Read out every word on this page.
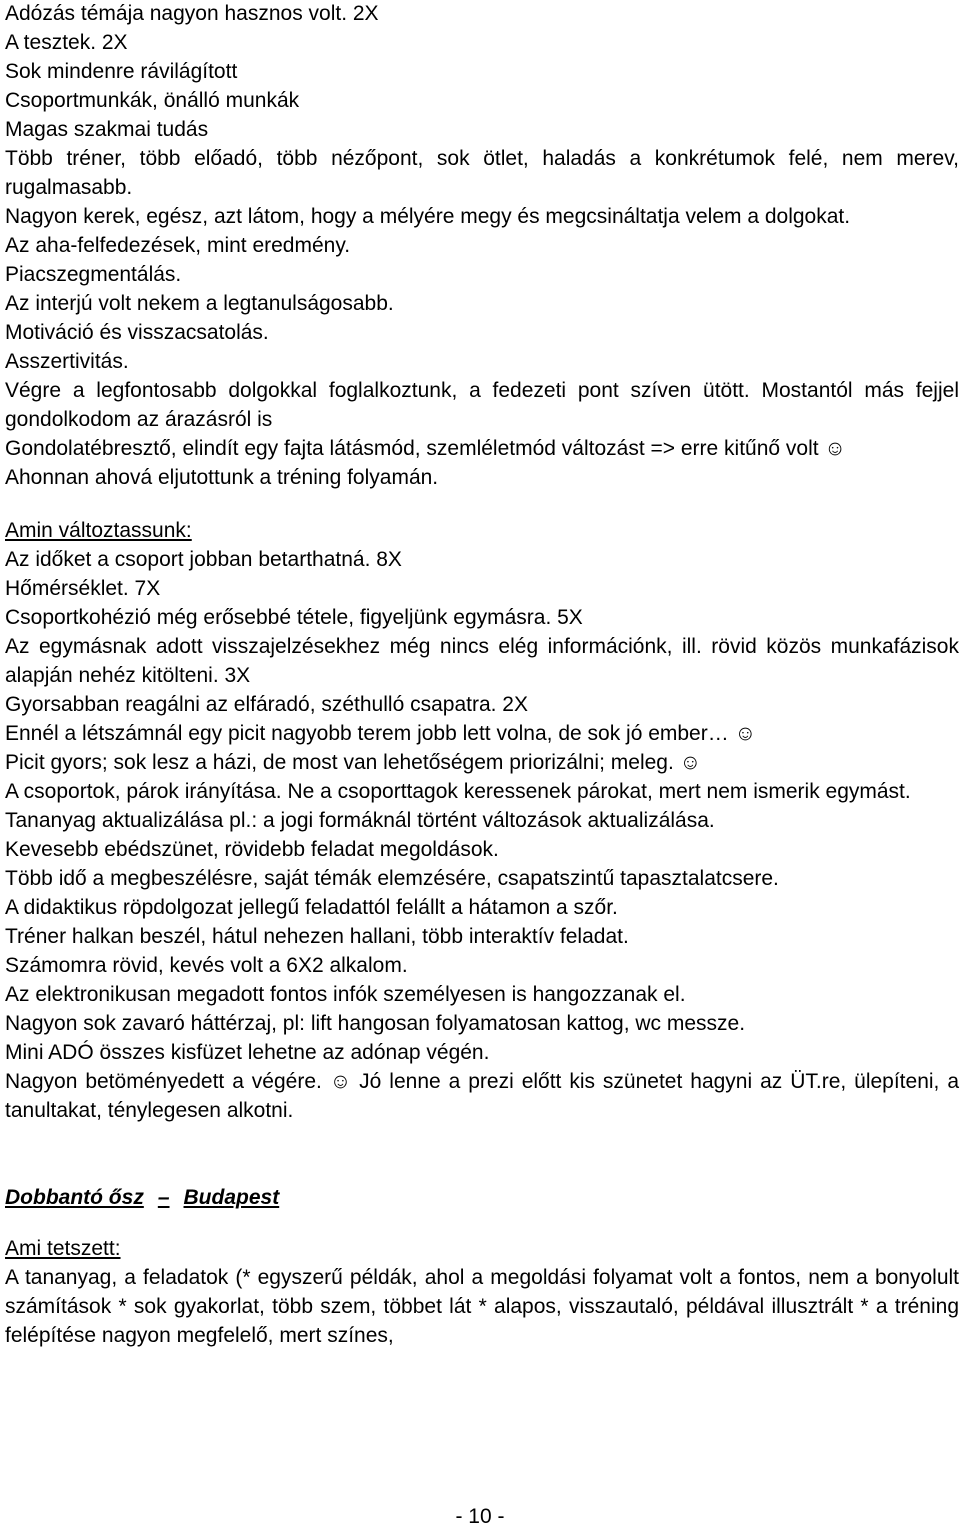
Adózás témája nagyon hasznos volt. 2X

A tesztek. 2X

Sok mindenre rávilágított

Csoportmunkák, önálló munkák

Magas szakmai tudás

Több tréner, több előadó, több nézőpont, sok ötlet, haladás a konkrétumok felé, nem merev, rugalmasabb.

Nagyon kerek, egész, azt látom, hogy a mélyére megy és megcsináltatja velem a dolgokat.

Az aha-felfedezések, mint eredmény.

Piacszegmentálás.

Az interjú volt nekem a legtanulságosabb.

Motiváció és visszacsatolás.

Asszertivitás.

Végre a legfontosabb dolgokkal foglalkoztunk, a fedezeti pont szíven ütött. Mostantól más fejjel gondolkodom az árazásról is

Gondolatébresztő, elindít egy fajta látásmód, szemléletmód változást => erre kitűnő volt ☺

Ahonnan ahová eljutottunk a tréning folyamán.

Amin változtassunk:

Az időket a csoport jobban betarthatná. 8X

Hőmérséklet. 7X

Csoportkohézió még erősebbé tétele, figyeljünk egymásra. 5X

Az egymásnak adott visszajelzésekhez még nincs elég információnk, ill. rövid közös munkafázisok alapján nehéz kitölteni. 3X

Gyorsabban reagálni az elfáradó, széthulló csapatra. 2X

Ennél a létszámnál egy picit nagyobb terem jobb lett volna, de sok jó ember… ☺

Picit gyors; sok lesz a házi, de most van lehetőségem priorizálni; meleg. ☺

A csoportok, párok irányítása. Ne a csoporttagok keressenek párokat, mert nem ismerik egymást.

Tananyag aktualizálása pl.: a jogi formáknál történt változások aktualizálása.

Kevesebb ebédszünet, rövidebb feladat megoldások.

Több idő a megbeszélésre, saját témák elemzésére, csapatszintű tapasztalatcsere.

A didaktikus röpdolgozat jellegű feladattól felállt a hátamon a szőr.

Tréner halkan beszél, hátul nehezen hallani, több interaktív feladat.

Számomra rövid, kevés volt a 6X2 alkalom.

Az elektronikusan megadott fontos infók személyesen is hangozzanak el.

Nagyon sok zavaró háttérzaj, pl: lift hangosan folyamatosan kattog, wc messze.

Mini ADÓ összes kisfüzet lehetne az adónap végén.

Nagyon betöményedett a végére. ☺ Jó lenne a prezi előtt kis szünetet hagyni az ÜT.re, ülepíteni, a tanultakat, ténylegesen alkotni.

Dobbantó ősz – Budapest

Ami tetszett:

A tananyag, a feladatok (* egyszerű példák, ahol a megoldási folyamat volt a fontos, nem a bonyolult számítások * sok gyakorlat, több szem, többet lát * alapos, visszautaló, példával illusztrált * a tréning felépítése nagyon megfelelő, mert színes,

- 10 -
